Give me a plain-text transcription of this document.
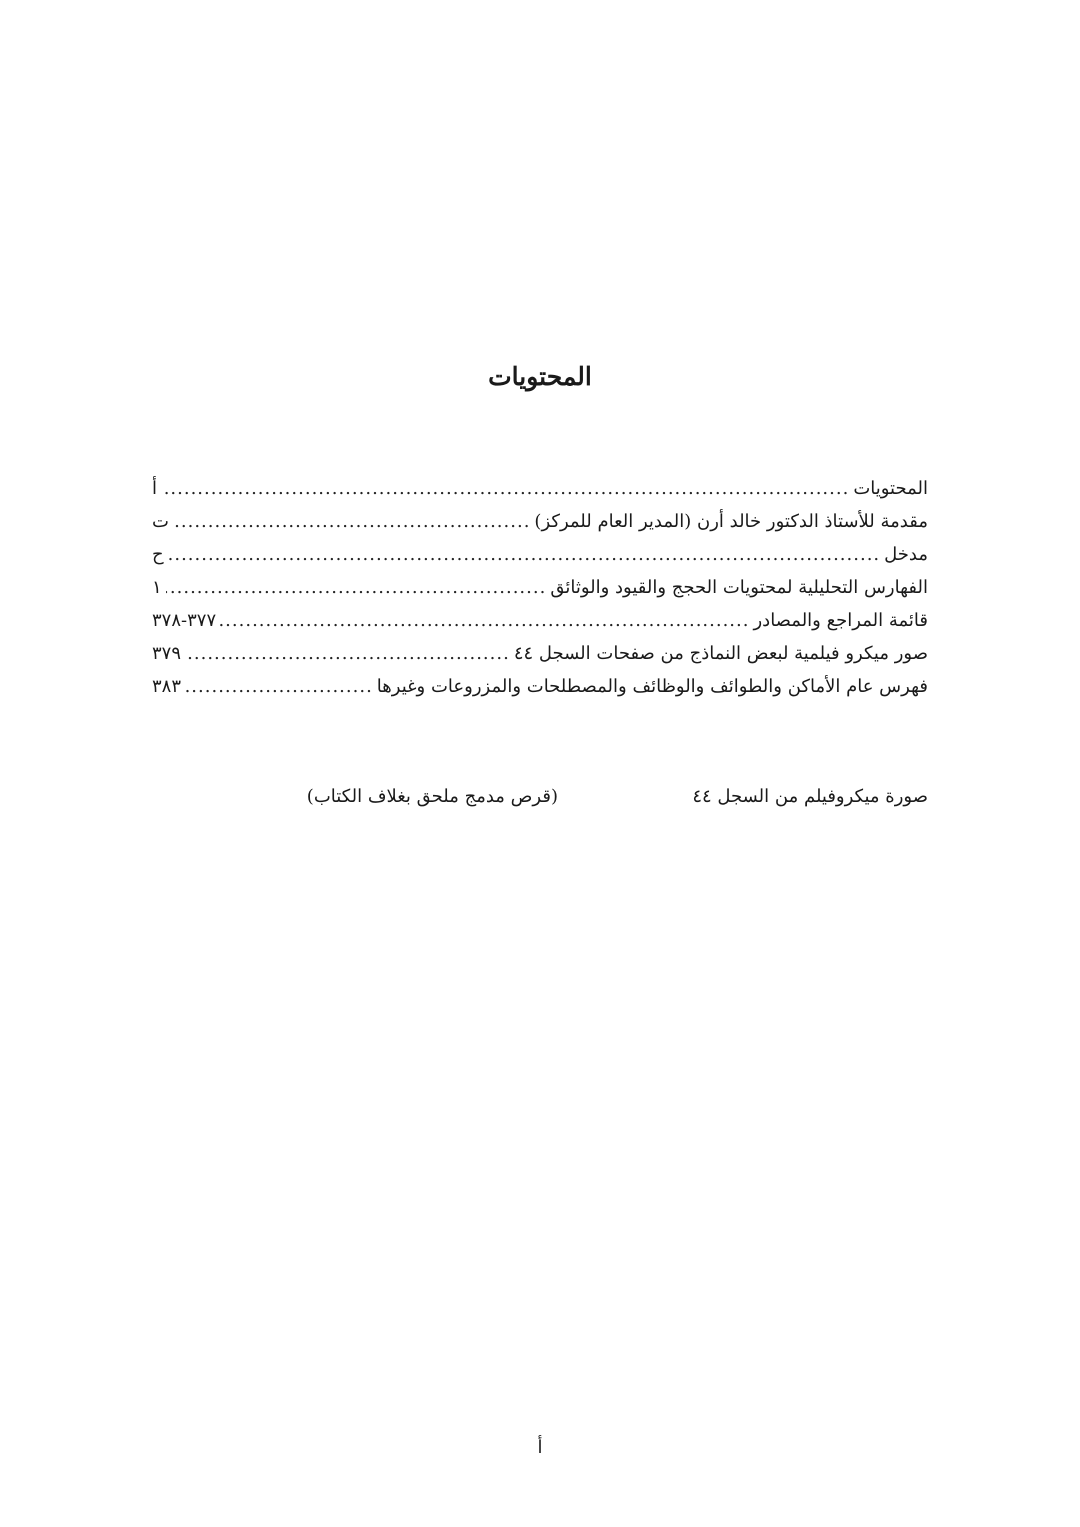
المحتويات
المحتويات
.....
أ
مقدمة للأستاذ الدكتور خالد أرن (المدير العام للمركز)
.....
ت
مدخل
.....
ح
الفهارس التحليلية لمحتويات الحجج والقيود والوثائق
.....
١
قائمة المراجع والمصادر
.....
٣٧٧-٣٧٨
صور ميكرو فيلمية لبعض النماذج من صفحات السجل ٤٤
.....
٣٧٩
فهرس عام الأماكن والطوائف والوظائف والمصطلحات والمزروعات وغيرها
.....
٣٨٣
صورة ميكروفيلم من السجل ٤٤
(قرص مدمج ملحق بغلاف الكتاب)
أ
